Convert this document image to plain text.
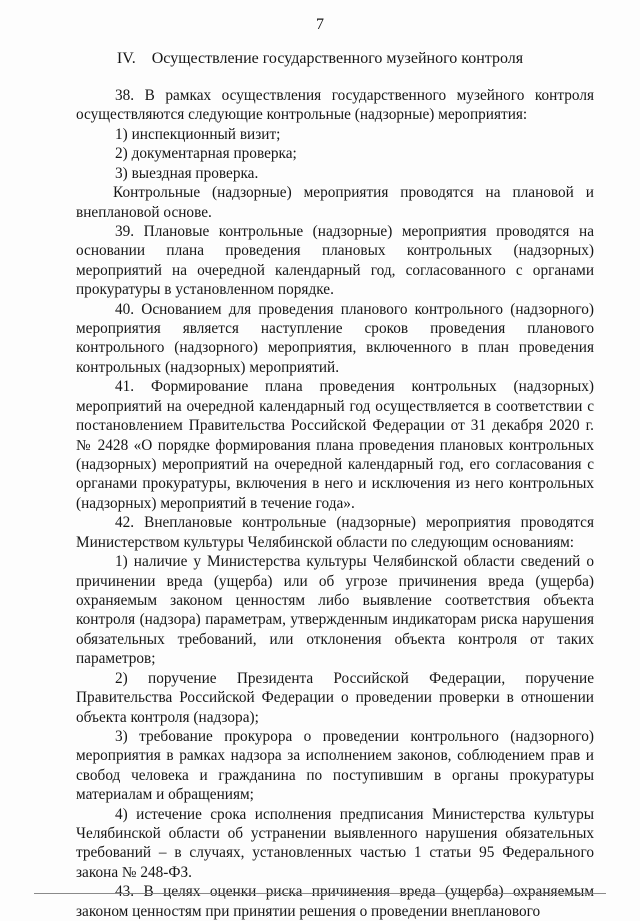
7
IV. Осуществление государственного музейного контроля

38. В рамках осуществления государственного музейного контроля осуществляются следующие контрольные (надзорные) мероприятия:

1) инспекционный визит;

2) документарная проверка;

3) выездная проверка.

Контрольные (надзорные) мероприятия проводятся на плановой и внеплановой основе.

39. Плановые контрольные (надзорные) мероприятия проводятся на основании плана проведения плановых контрольных (надзорных) мероприятий на очередной календарный год, согласованного с органами прокуратуры в установленном порядке.

40. Основанием для проведения планового контрольного (надзорного) мероприятия является наступление сроков проведения планового контрольного (надзорного) мероприятия, включенного в план проведения контрольных (надзорных) мероприятий.

41. Формирование плана проведения контрольных (надзорных) мероприятий на очередной календарный год осуществляется в соответствии с постановлением Правительства Российской Федерации от 31 декабря 2020 г. № 2428 «О порядке формирования плана проведения плановых контрольных (надзорных) мероприятий на очередной календарный год, его согласования с органами прокуратуры, включения в него и исключения из него контрольных (надзорных) мероприятий в течение года».

42. Внеплановые контрольные (надзорные) мероприятия проводятся Министерством культуры Челябинской области по следующим основаниям:

1) наличие у Министерства культуры Челябинской области сведений о причинении вреда (ущерба) или об угрозе причинения вреда (ущерба) охраняемым законом ценностям либо выявление соответствия объекта контроля (надзора) параметрам, утвержденным индикаторам риска нарушения обязательных требований, или отклонения объекта контроля от таких параметров;

2) поручение Президента Российской Федерации, поручение Правительства Российской Федерации о проведении проверки в отношении объекта контроля (надзора);

3) требование прокурора о проведении контрольного (надзорного) мероприятия в рамках надзора за исполнением законов, соблюдением прав и свобод человека и гражданина по поступившим в органы прокуратуры материалам и обращениям;

4) истечение срока исполнения предписания Министерства культуры Челябинской области об устранении выявленного нарушения обязательных требований – в случаях, установленных частью 1 статьи 95 Федерального закона № 248-ФЗ.

43. В целях оценки риска причинения вреда (ущерба) охраняемым законом ценностям при принятии решения о проведении внепланового
